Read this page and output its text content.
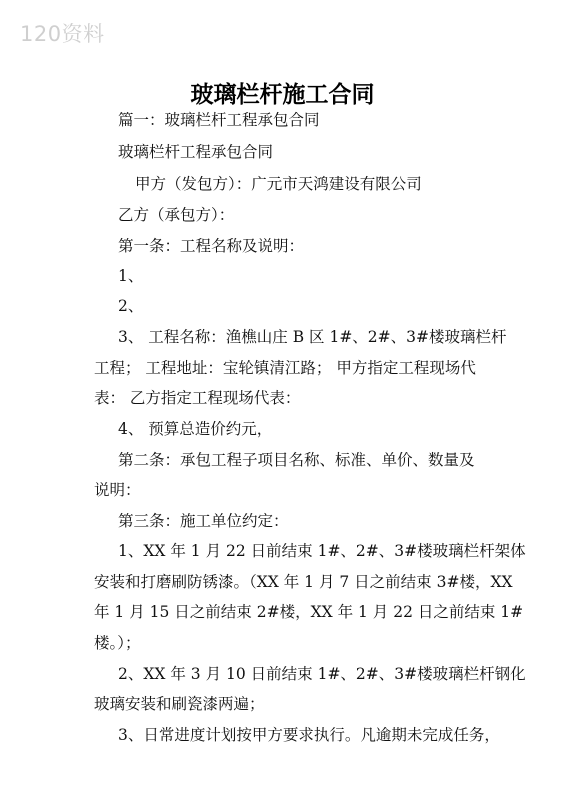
120资料
玻璃栏杆施工合同
篇一：玻璃栏杆工程承包合同
玻璃栏杆工程承包合同
甲方（发包方）：广元市天鸿建设有限公司
乙方（承包方）：
第一条：工程名称及说明：
1、
2、
3、 工程名称：渔樵山庄 B 区 1#、2#、3#楼玻璃栏杆
工程； 工程地址：宝轮镇清江路； 甲方指定工程现场代
表： 乙方指定工程现场代表：
4、 预算总造价约元，
第二条：承包工程子项目名称、标准、单价、数量及
说明：
第三条：施工单位约定：
1、XX 年 1 月 22 日前结束 1#、2#、3#楼玻璃栏杆架体
安装和打磨刷防锈漆。（XX 年 1 月 7 日之前结束 3#楼，XX
年 1 月 15 日之前结束 2#楼，XX 年 1 月 22 日之前结束 1#
楼。）；
2、XX 年 3 月 10 日前结束 1#、2#、3#楼玻璃栏杆钢化
玻璃安装和刷瓷漆两遍；
3、日常进度计划按甲方要求执行。凡逾期未完成任务，
